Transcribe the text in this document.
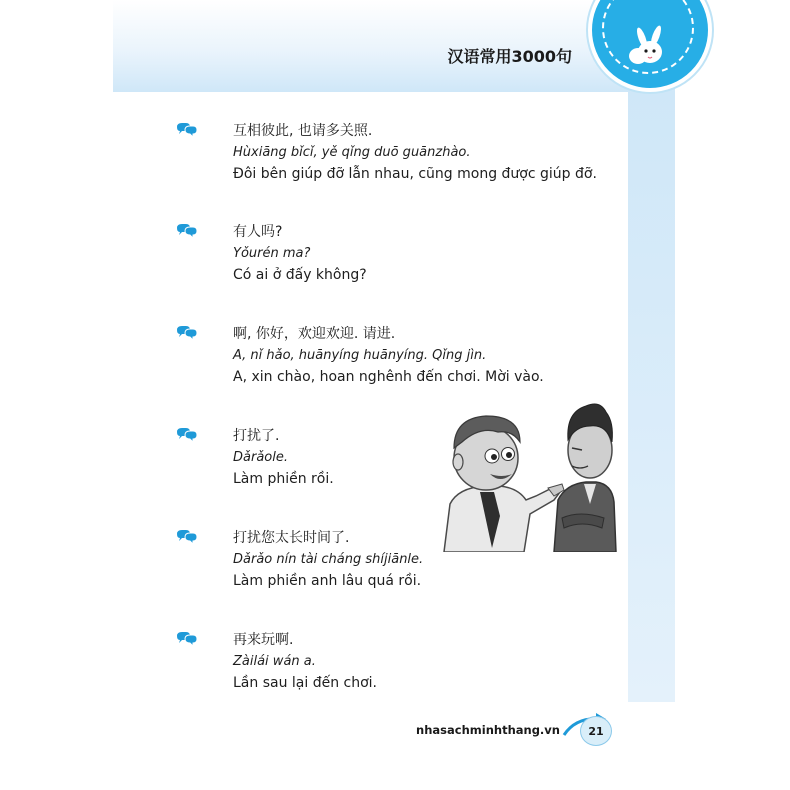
汉语常用3000句
互相彼此, 也请多关照.
Hùxiāng bǐcǐ, yě qǐng duō guānzhào.
Đôi bên giúp đỡ lẫn nhau, cũng mong được giúp đỡ.
有人吗?
Yǒurén ma?
Có ai ở đấy không?
啊, 你好，欢迎欢迎. 请进.
A, nǐ hǎo, huānyíng huānyíng. Qǐng jìn.
A, xin chào, hoan nghênh đến chơi. Mời vào.
打扰了.
Dǎrǎole.
Làm phiền rồi.
打扰您太长时间了.
Dǎrǎo nín tài cháng shíjiānle.
Làm phiền anh lâu quá rồi.
再来玩啊.
Zàilái wán a.
Lần sau lại đến chơi.
nhasachminhthang.vn	21
